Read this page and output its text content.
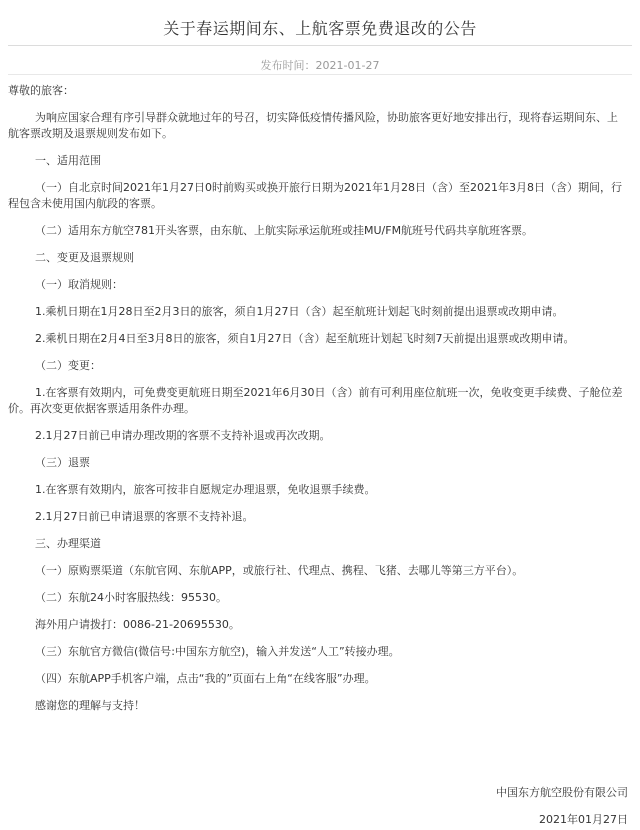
关于春运期间东、上航客票免费退改的公告
发布时间：2021-01-27

尊敬的旅客：

为响应国家合理有序引导群众就地过年的号召，切实降低疫情传播风险，协助旅客更好地安排出行，现将春运期间东、上航客票改期及退票规则发布如下。

一、适用范围

（一）自北京时间2021年1月27日0时前购买或换开旅行日期为2021年1月28日（含）至2021年3月8日（含）期间，行程包含未使用国内航段的客票。

（二）适用东方航空781开头客票，由东航、上航实际承运航班或挂MU/FM航班号代码共享航班客票。

二、变更及退票规则

（一）取消规则：

1.乘机日期在1月28日至2月3日的旅客，须自1月27日（含）起至航班计划起飞时刻前提出退票或改期申请。

2.乘机日期在2月4日至3月8日的旅客，须自1月27日（含）起至航班计划起飞时刻7天前提出退票或改期申请。

（二）变更：

1.在客票有效期内，可免费变更航班日期至2021年6月30日（含）前有可利用座位航班一次，免收变更手续费、子舱位差价。再次变更依据客票适用条件办理。

2.1月27日前已申请办理改期的客票不支持补退或再次改期。

（三）退票

1.在客票有效期内，旅客可按非自愿规定办理退票，免收退票手续费。

2.1月27日前已申请退票的客票不支持补退。

三、办理渠道

（一）原购票渠道（东航官网、东航APP，或旅行社、代理点、携程、飞猪、去哪儿等第三方平台）。

（二）东航24小时客服热线：95530。

海外用户请拨打：0086-21-20695530。

（三）东航官方微信(微信号:中国东方航空)，输入并发送“人工”转接办理。

（四）东航APP手机客户端，点击“我的”页面右上角“在线客服”办理。

感谢您的理解与支持！

中国东方航空股份有限公司
2021年01月27日
